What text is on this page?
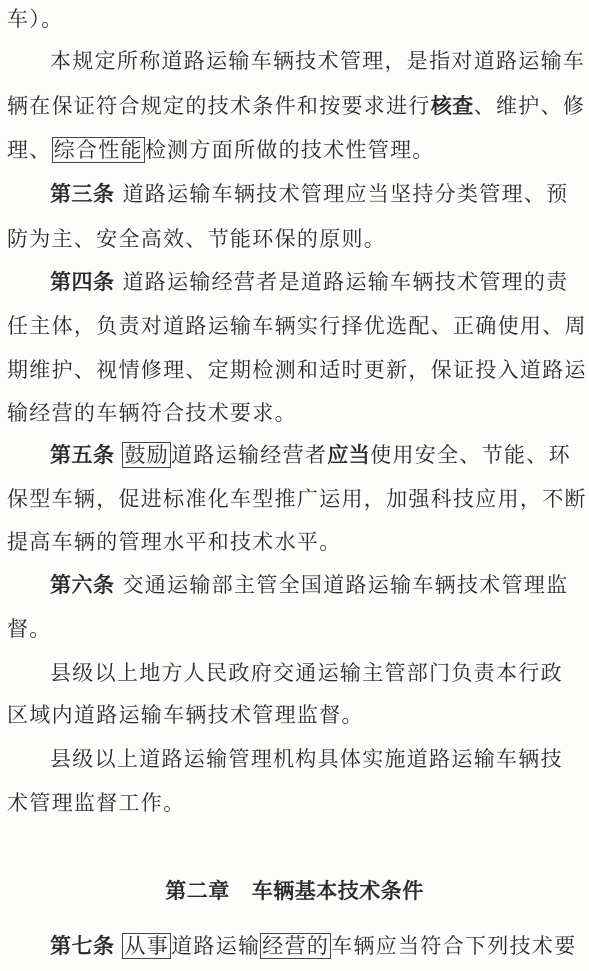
车）。
本规定所称道路运输车辆技术管理，是指对道路运输车
辆在保证符合规定的技术条件和按要求进行核查、维护、修
理、综合性能检测方面所做的技术性管理。
第三条 道路运输车辆技术管理应当坚持分类管理、预
防为主、安全高效、节能环保的原则。
第四条 道路运输经营者是道路运输车辆技术管理的责
任主体，负责对道路运输车辆实行择优选配、正确使用、周
期维护、视情修理、定期检测和适时更新，保证投入道路运
输经营的车辆符合技术要求。
第五条 鼓励道路运输经营者应当使用安全、节能、环
保型车辆，促进标准化车型推广运用，加强科技应用，不断
提高车辆的管理水平和技术水平。
第六条 交通运输部主管全国道路运输车辆技术管理监
督。
县级以上地方人民政府交通运输主管部门负责本行政
区域内道路运输车辆技术管理监督。
县级以上道路运输管理机构具体实施道路运输车辆技
术管理监督工作。
第二章 车辆基本技术条件
第七条 从事道路运输经营的车辆应当符合下列技术要
